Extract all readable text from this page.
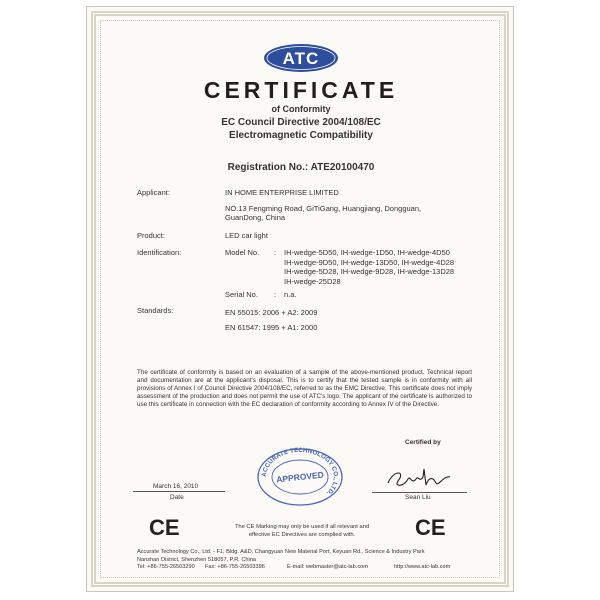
ATC
CERTIFICATE
of Conformity
EC Council Directive 2004/108/EC
Electromagnetic Compatibility
Registration No.: ATE20100470
Applicant:	IN HOME ENTERPRISE LIMITED
NO.13 Fengming Road, GiTiGang, Huangjiang, Dongguan,
GuanDong, China
Product:	LED car light
Identification:	Model No. : IH-wedge-5D50, IH-wedge-1D50, IH-wedge-4D50
IH-wedge-9D50, IH-wedge-13D50, IH-wedge-4D28
IH-wedge-5D28, IH-wedge-9D28, IH-wedge-13D28
IH-wedge-25D28
Serial No. : n.a.
Standards:	EN 55015: 2006 + A2: 2009
EN 61547: 1995 + A1: 2000
The certificate of conformity is based on an evaluation of a sample of the above-mentioned product. Technical report and documentation are at the applicant's disposal. This is to certify that the tested sample is in conformity with all provisions of Annex I of Council Directive 2004/108/EC, referred to as the EMC Directive. This certificate does not imply assessment of the production and does not permit the use of ATC's logo. The applicant of the certificate is authorized to use this certificate in connection with the EC declaration of conformity according to Annex IV of the Directive.
Certified by
March 16, 2010
Date
ACCURATE TECHNOLOGY CO., LTD.
APPROVED
Sean Liu
CE	CE
The CE Marking may only be used if all relevant and
effective EC Directives are complied with.
Accurate Technology Co., Ltd. - F1, Bldg. A&D, Changyuan New Material Port, Keyuan Rd., Science & Industry Park
Nanshan District, Shenzhen 518057, P.R. China
Tel: +86-755-26503290 Fax: +86-755-26503396	E-mail: webmaster@atc-lab.com	http://www.atc-lab.com
